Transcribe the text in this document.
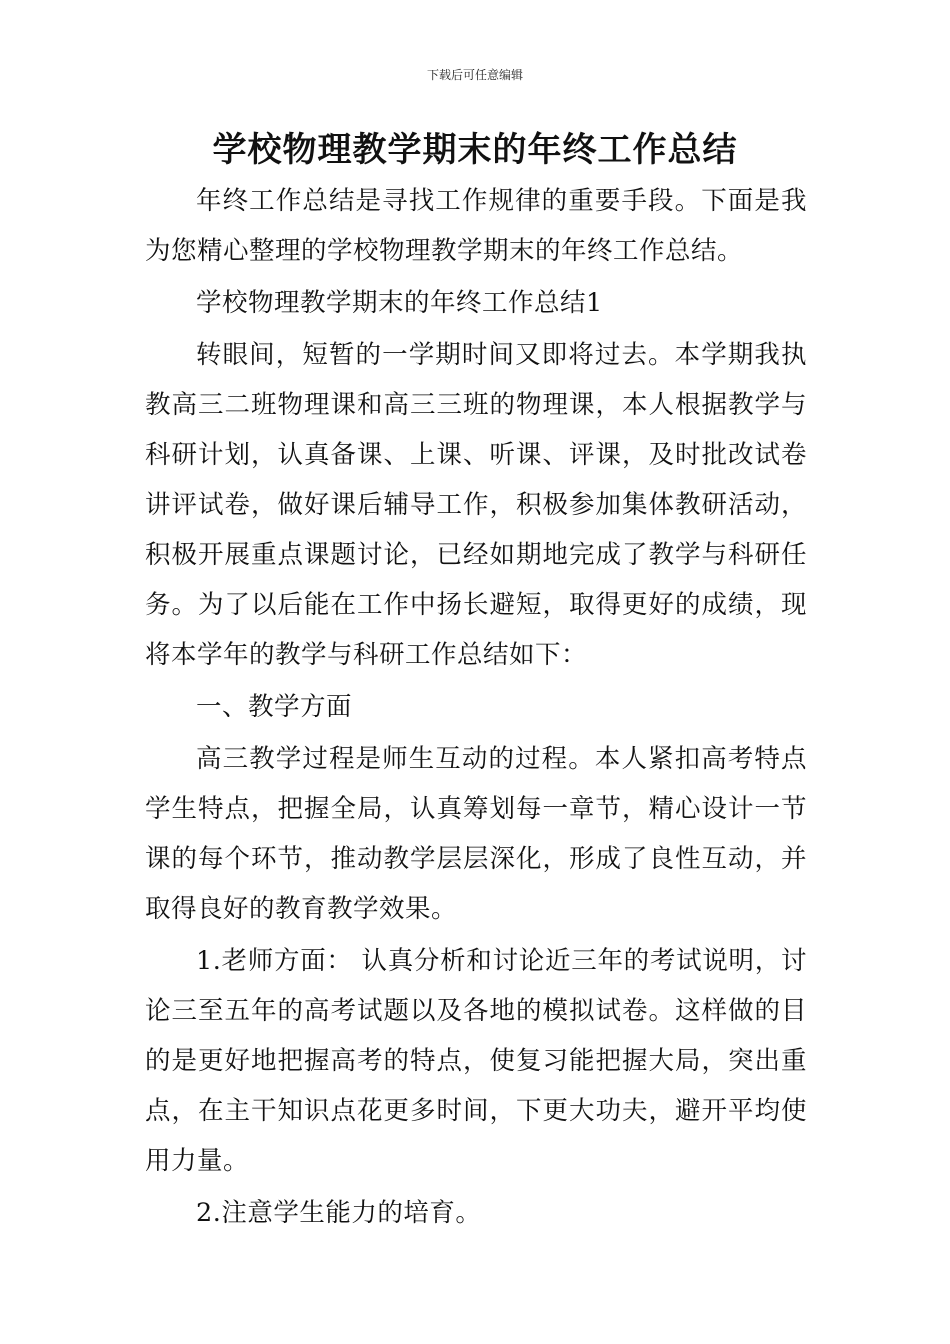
下载后可任意编辑
学校物理教学期末的年终工作总结

年终工作总结是寻找工作规律的重要手段。下面是我为您精心整理的学校物理教学期末的年终工作总结。

学校物理教学期末的年终工作总结1

转眼间，短暂的一学期时间又即将过去。本学期我执教高三二班物理课和高三三班的物理课，本人根据教学与科研计划，认真备课、上课、听课、评课，及时批改试卷讲评试卷，做好课后辅导工作，积极参加集体教研活动，积极开展重点课题讨论，已经如期地完成了教学与科研任务。为了以后能在工作中扬长避短，取得更好的成绩，现将本学年的教学与科研工作总结如下：

一、教学方面

高三教学过程是师生互动的过程。本人紧扣高考特点学生特点，把握全局，认真筹划每一章节，精心设计一节课的每个环节，推动教学层层深化，形成了良性互动，并取得良好的教育教学效果。

1.老师方面： 认真分析和讨论近三年的考试说明，讨论三至五年的高考试题以及各地的模拟试卷。这样做的目的是更好地把握高考的特点，使复习能把握大局，突出重点，在主干知识点花更多时间，下更大功夫，避开平均使用力量。

2.注意学生能力的培育。
